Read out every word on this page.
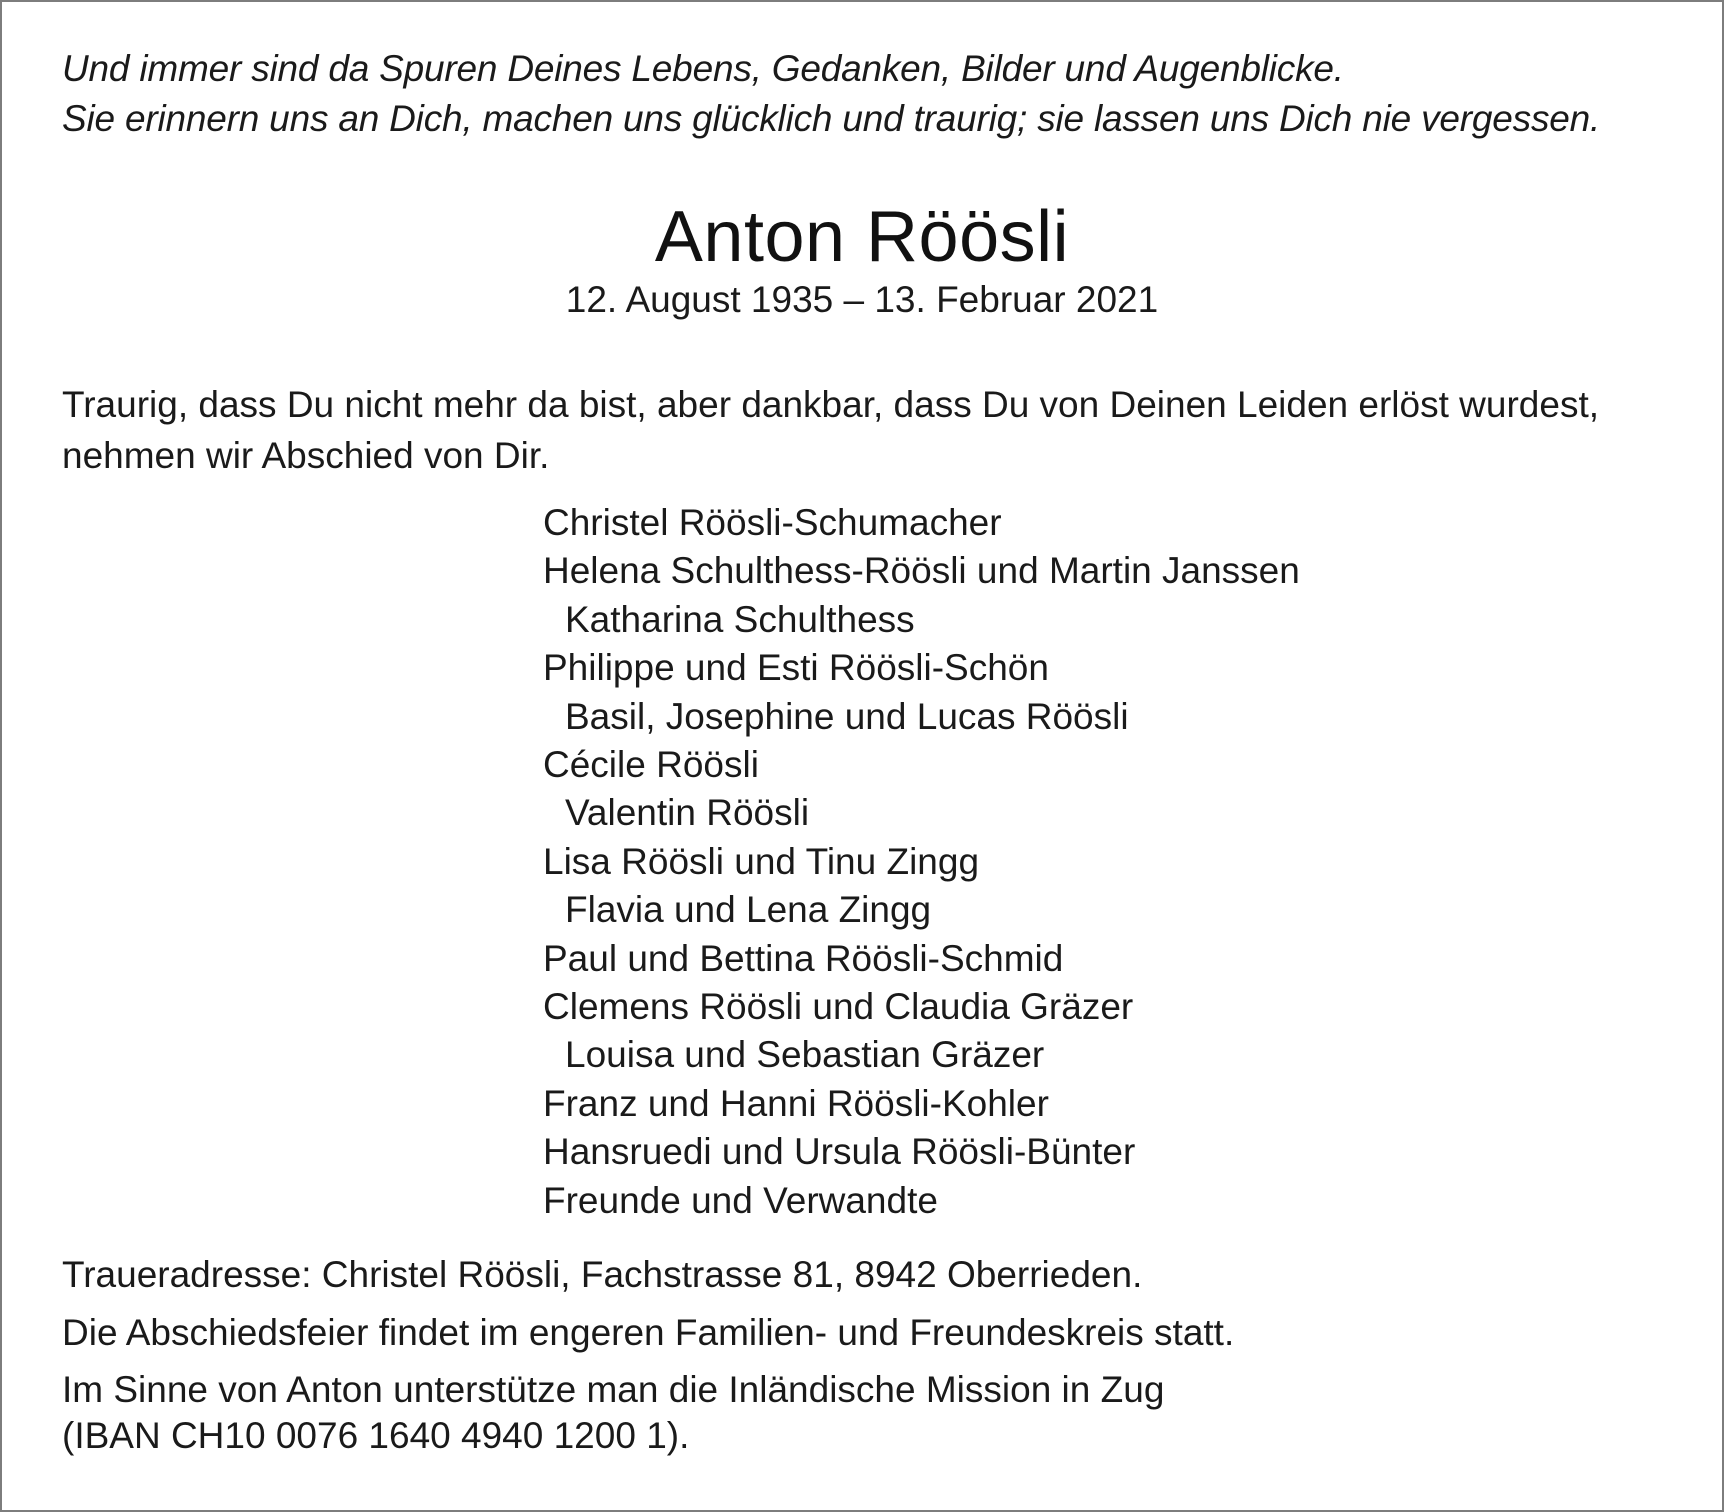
Und immer sind da Spuren Deines Lebens, Gedanken, Bilder und Augenblicke.
Sie erinnern uns an Dich, machen uns glücklich und traurig; sie lassen uns Dich nie vergessen.
Anton Röösli
12. August 1935 – 13. Februar 2021
Traurig, dass Du nicht mehr da bist, aber dankbar, dass Du von Deinen Leiden erlöst wurdest,
nehmen wir Abschied von Dir.
Christel Röösli-Schumacher
Helena Schulthess-Röösli und Martin Janssen
Katharina Schulthess
Philippe und Esti Röösli-Schön
Basil, Josephine und Lucas Röösli
Cécile Röösli
Valentin Röösli
Lisa Röösli und Tinu Zingg
Flavia und Lena Zingg
Paul und Bettina Röösli-Schmid
Clemens Röösli und Claudia Gräzer
Louisa und Sebastian Gräzer
Franz und Hanni Röösli-Kohler
Hansruedi und Ursula Röösli-Bünter
Freunde und Verwandte
Traueradresse: Christel Röösli, Fachstrasse 81, 8942 Oberrieden.
Die Abschiedsfeier findet im engeren Familien- und Freundeskreis statt.
Im Sinne von Anton unterstütze man die Inländische Mission in Zug
(IBAN CH10 0076 1640 4940 1200 1).
